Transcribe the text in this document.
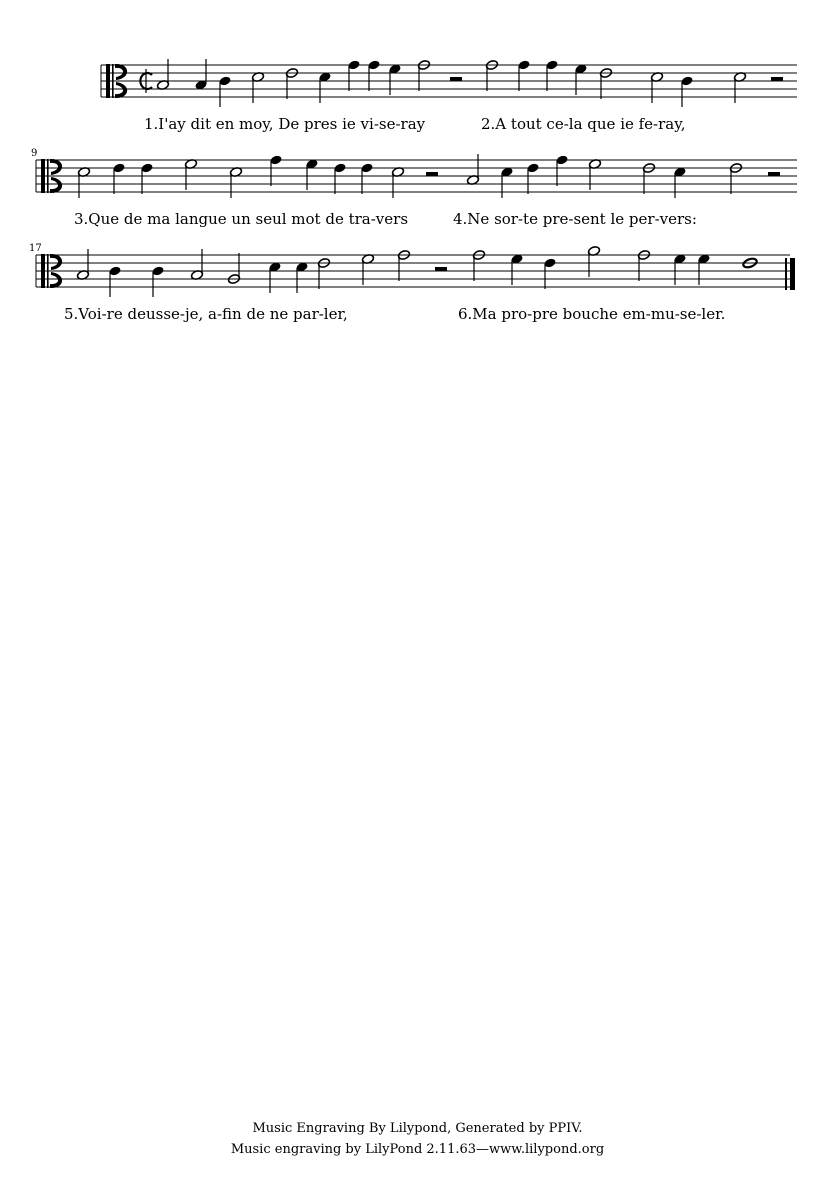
1.I'ay dit en moy, De pres ie vi-se-ray	2.A tout ce-la que ie fe-ray,
9
3.Que de ma langue un seul mot de tra-vers	4.Ne sor-te pre-sent le per-vers:
17
5.Voi-re deusse-je, a-fin de ne par-ler,	6.Ma pro-pre bouche em-mu-se-ler.
Music Engraving By Lilypond, Generated by PPIV.
Music engraving by LilyPond 2.11.63—www.lilypond.org
